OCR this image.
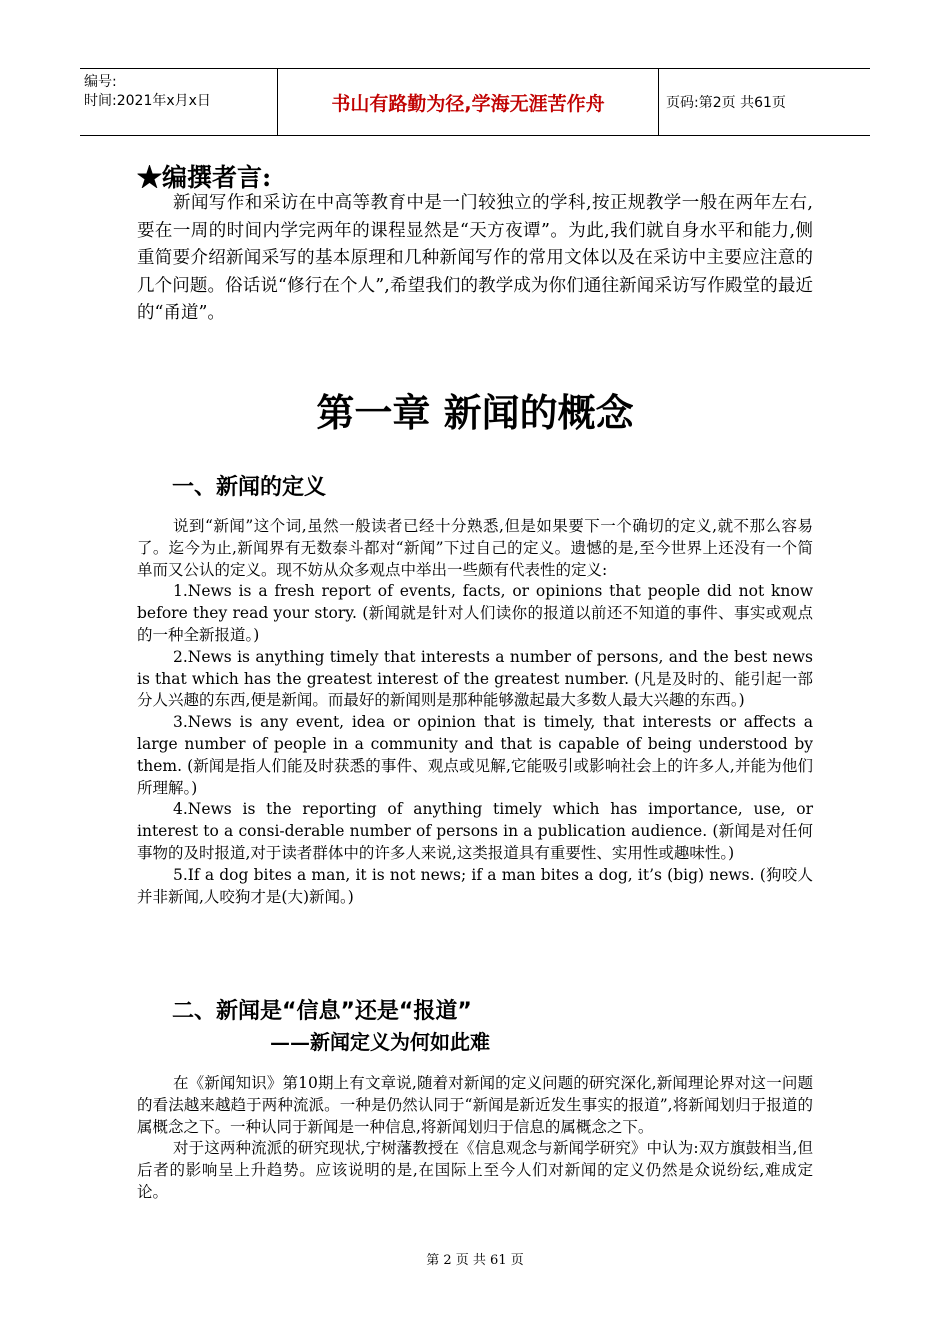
编号:
时间:2021年x月x日	书山有路勤为径,学海无涯苦作舟	页码:第2页 共61页
★编撰者言:

新闻写作和采访在中高等教育中是一门较独立的学科,按正规教学一般在两年左右,要在一周的时间内学完两年的课程显然是“天方夜谭”。为此,我们就自身水平和能力,侧重简要介绍新闻采写的基本原理和几种新闻写作的常用文体以及在采访中主要应注意的几个问题。俗话说“修行在个人”,希望我们的教学成为你们通往新闻采访写作殿堂的最近的“甬道”。

第一章 新闻的概念
一、新闻的定义

说到“新闻”这个词,虽然一般读者已经十分熟悉,但是如果要下一个确切的定义,就不那么容易了。迄今为止,新闻界有无数泰斗都对“新闻”下过自己的定义。遗憾的是,至今世界上还没有一个简单而又公认的定义。现不妨从众多观点中举出一些颇有代表性的定义:

1.News is a fresh report of events, facts, or opinions that people did not know before they read your story. (新闻就是针对人们读你的报道以前还不知道的事件、事实或观点的一种全新报道。)

2.News is anything timely that interests a number of persons, and the best news is that which has the greatest interest of the greatest number. (凡是及时的、能引起一部分人兴趣的东西,便是新闻。而最好的新闻则是那种能够激起最大多数人最大兴趣的东西。)

3.News is any event, idea or opinion that is timely, that interests or affects a large number of people in a community and that is capable of being understood by them. (新闻是指人们能及时获悉的事件、观点或见解,它能吸引或影响社会上的许多人,并能为他们所理解。)

4.News is the reporting of anything timely which has importance, use, or interest to a consi-derable number of persons in a publication audience. (新闻是对任何事物的及时报道,对于读者群体中的许多人来说,这类报道具有重要性、实用性或趣味性。)

5.If a dog bites a man, it is not news; if a man bites a dog, it’s (big) news. (狗咬人并非新闻,人咬狗才是(大)新闻。)

二、新闻是“信息”还是“报道”
——新闻定义为何如此难

在《新闻知识》第10期上有文章说,随着对新闻的定义问题的研究深化,新闻理论界对这一问题的看法越来越趋于两种流派。一种是仍然认同于“新闻是新近发生事实的报道”,将新闻划归于报道的属概念之下。一种认同于新闻是一种信息,将新闻划归于信息的属概念之下。

对于这两种流派的研究现状,宁树藩教授在《信息观念与新闻学研究》中认为:双方旗鼓相当,但后者的影响呈上升趋势。应该说明的是,在国际上至今人们对新闻的定义仍然是众说纷纭,难成定论。

第 2 页 共 61 页
